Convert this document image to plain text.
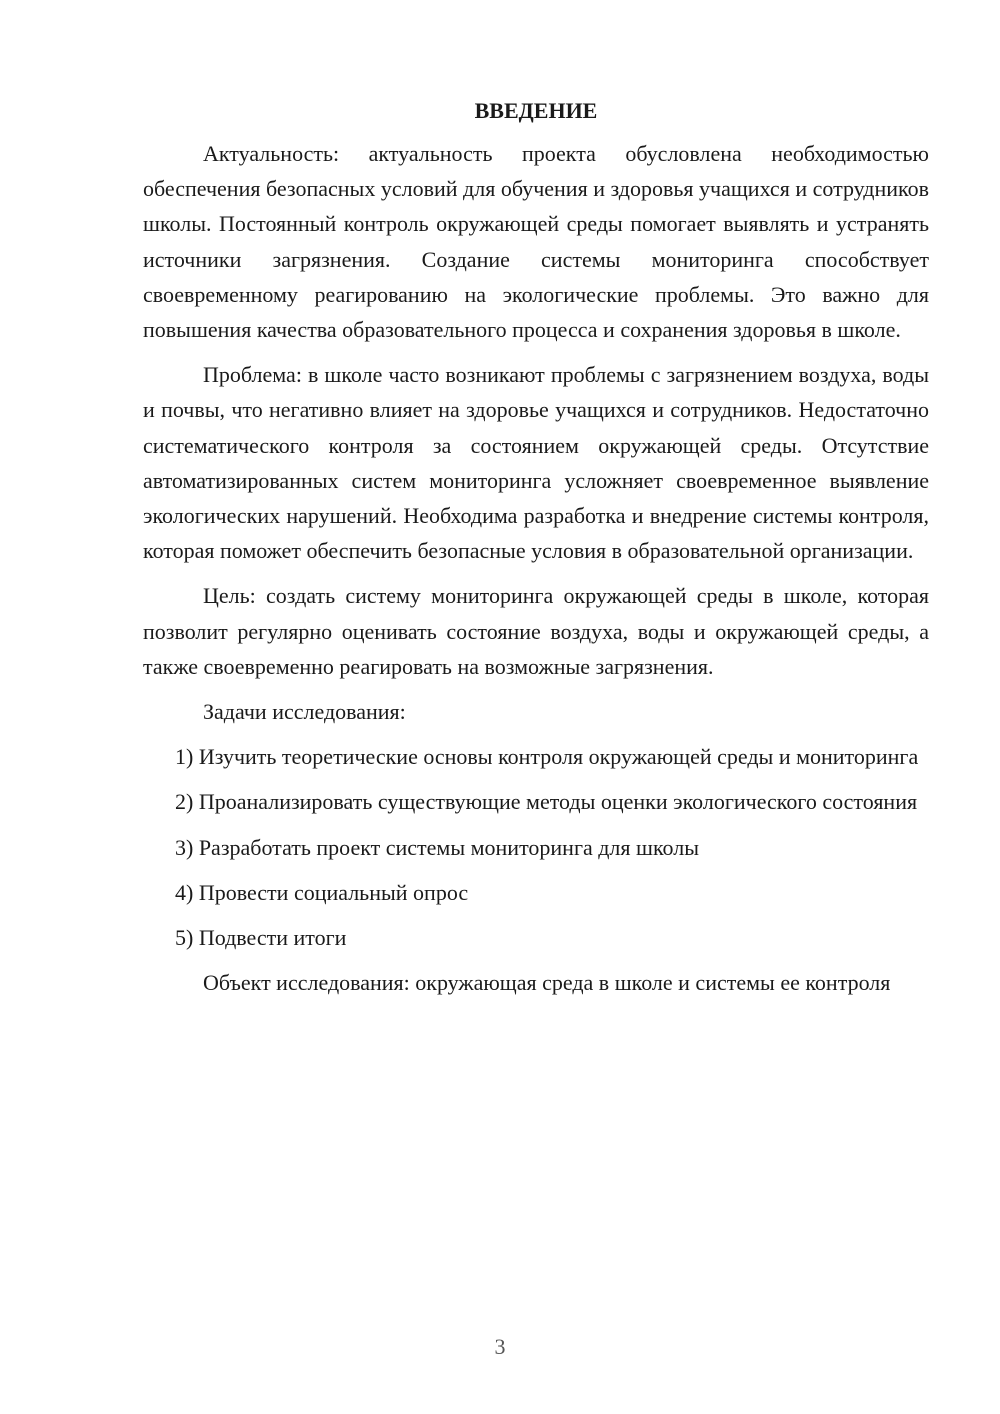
ВВЕДЕНИЕ

Актуальность: актуальность проекта обусловлена необходимостью обеспечения безопасных условий для обучения и здоровья учащихся и сотрудников школы. Постоянный контроль окружающей среды помогает выявлять и устранять источники загрязнения. Создание системы мониторинга способствует своевременному реагированию на экологические проблемы. Это важно для повышения качества образовательного процесса и сохранения здоровья в школе.

Проблема: в школе часто возникают проблемы с загрязнением воздуха, воды и почвы, что негативно влияет на здоровье учащихся и сотрудников. Недостаточно систематического контроля за состоянием окружающей среды. Отсутствие автоматизированных систем мониторинга усложняет своевременное выявление экологических нарушений. Необходима разработка и внедрение системы контроля, которая поможет обеспечить безопасные условия в образовательной организации.

Цель: создать систему мониторинга окружающей среды в школе, которая позволит регулярно оценивать состояние воздуха, воды и окружающей среды, а также своевременно реагировать на возможные загрязнения.

Задачи исследования:

1) Изучить теоретические основы контроля окружающей среды и мониторинга

2) Проанализировать существующие методы оценки экологического состояния

3) Разработать проект системы мониторинга для школы

4) Провести социальный опрос

5) Подвести итоги

Объект исследования: окружающая среда в школе и системы ее контроля

3
